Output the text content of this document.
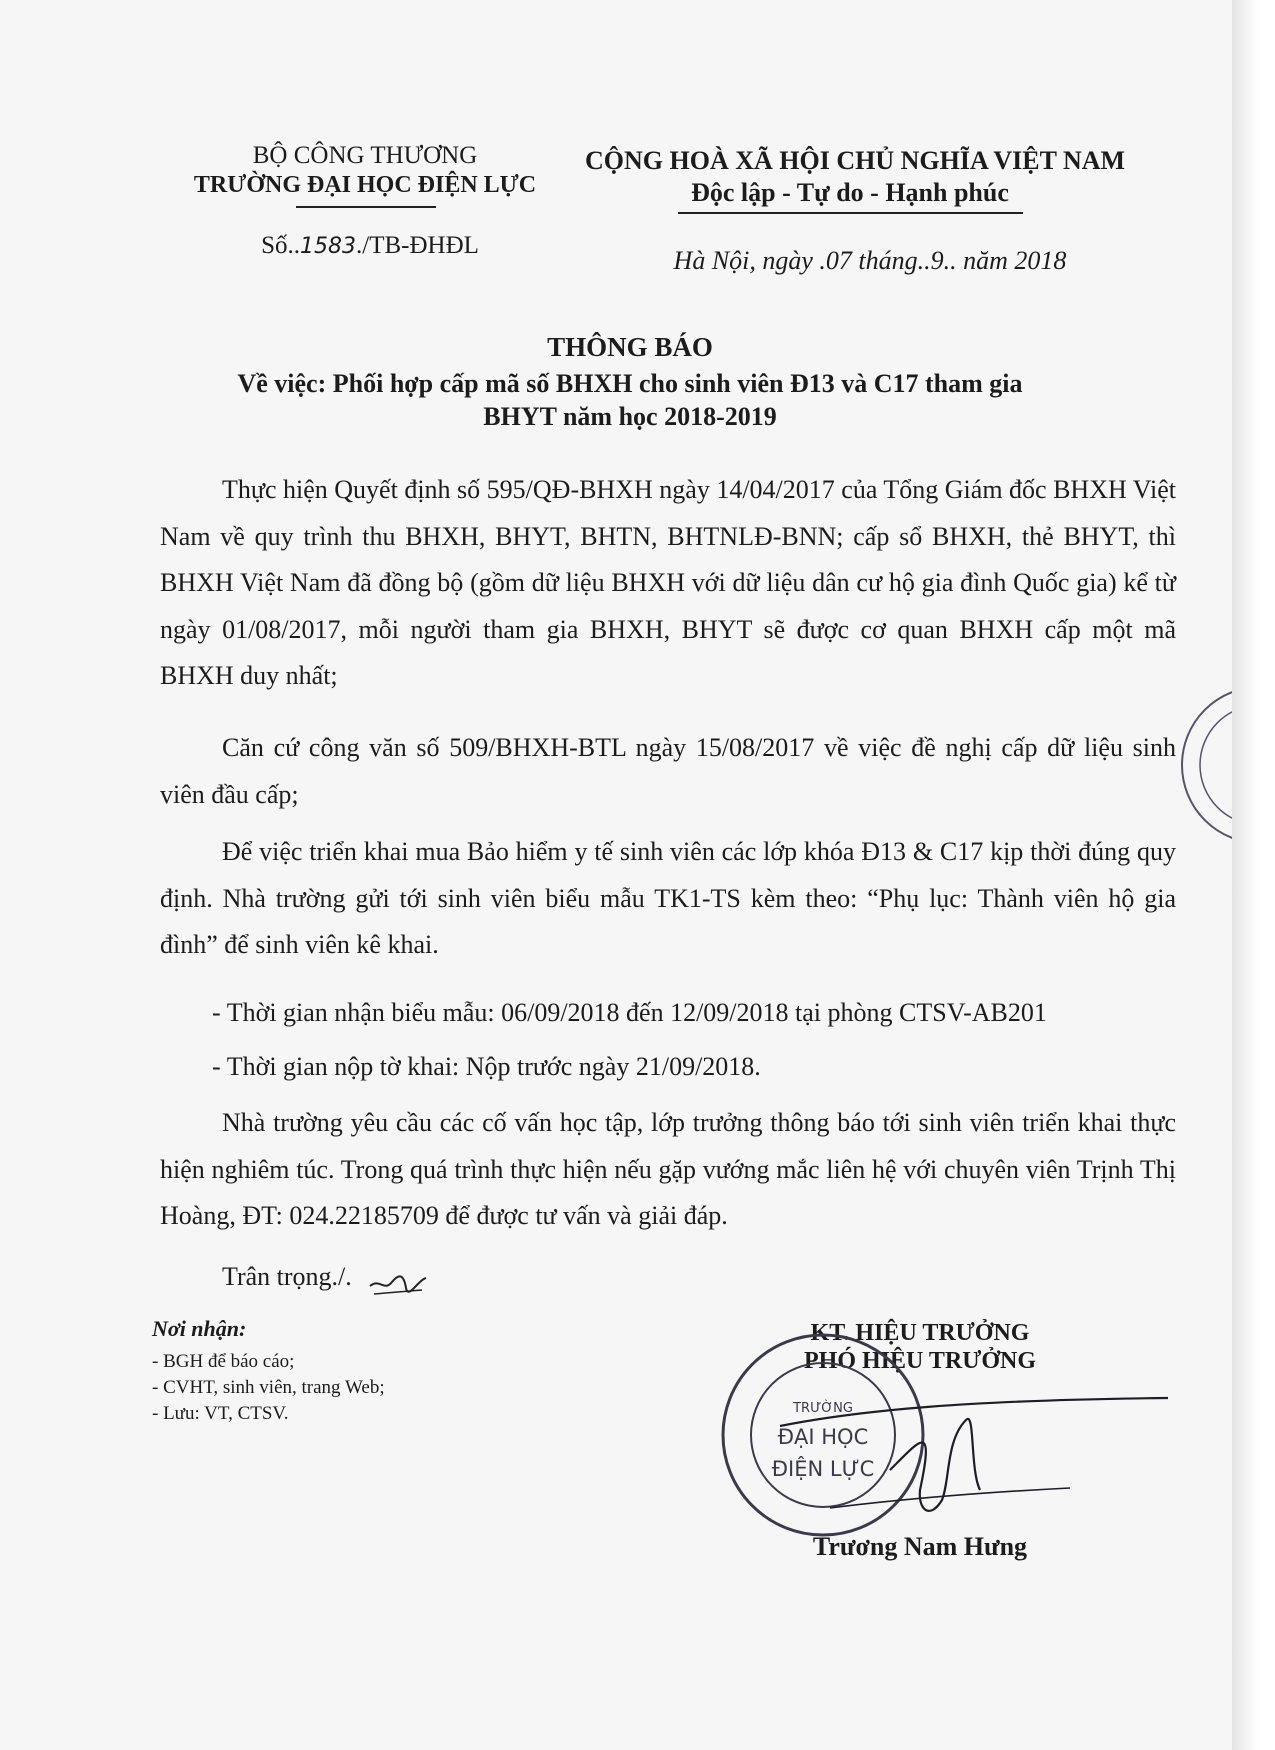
BỘ CÔNG THƯƠNG
TRƯỜNG ĐẠI HỌC ĐIỆN LỰC
Số..1583./TB-ĐHĐL
CỘNG HOÀ XÃ HỘI CHỦ NGHĨA VIỆT NAM
Độc lập - Tự do - Hạnh phúc
Hà Nội, ngày .07 tháng..9.. năm 2018
THÔNG BÁO
Về việc: Phối hợp cấp mã số BHXH cho sinh viên Đ13 và C17 tham gia
BHYT năm học 2018-2019
Thực hiện Quyết định số 595/QĐ-BHXH ngày 14/04/2017 của Tổng Giám đốc BHXH Việt Nam về quy trình thu BHXH, BHYT, BHTN, BHTNLĐ-BNN; cấp sổ BHXH, thẻ BHYT, thì BHXH Việt Nam đã đồng bộ (gồm dữ liệu BHXH với dữ liệu dân cư hộ gia đình Quốc gia) kể từ ngày 01/08/2017, mỗi người tham gia BHXH, BHYT sẽ được cơ quan BHXH cấp một mã BHXH duy nhất;
Căn cứ công văn số 509/BHXH-BTL ngày 15/08/2017 về việc đề nghị cấp dữ liệu sinh viên đầu cấp;
Để việc triển khai mua Bảo hiểm y tế sinh viên các lớp khóa Đ13 & C17 kịp thời đúng quy định. Nhà trường gửi tới sinh viên biểu mẫu TK1-TS kèm theo: “Phụ lục: Thành viên hộ gia đình” để sinh viên kê khai.
- Thời gian nhận biểu mẫu: 06/09/2018 đến 12/09/2018 tại phòng CTSV-AB201
- Thời gian nộp tờ khai: Nộp trước ngày 21/09/2018.
Nhà trường yêu cầu các cố vấn học tập, lớp trưởng thông báo tới sinh viên triển khai thực hiện nghiêm túc. Trong quá trình thực hiện nếu gặp vướng mắc liên hệ với chuyên viên Trịnh Thị Hoàng, ĐT: 024.22185709 để được tư vấn và giải đáp.
Trân trọng./.
Nơi nhận:
- BGH để báo cáo;
- CVHT, sinh viên, trang Web;
- Lưu: VT, CTSV.
KT. HIỆU TRƯỞNG
PHÓ HIỆU TRƯỞNG
TRƯỜNG
ĐẠI HỌC
ĐIỆN LỰC
Trương Nam Hưng
